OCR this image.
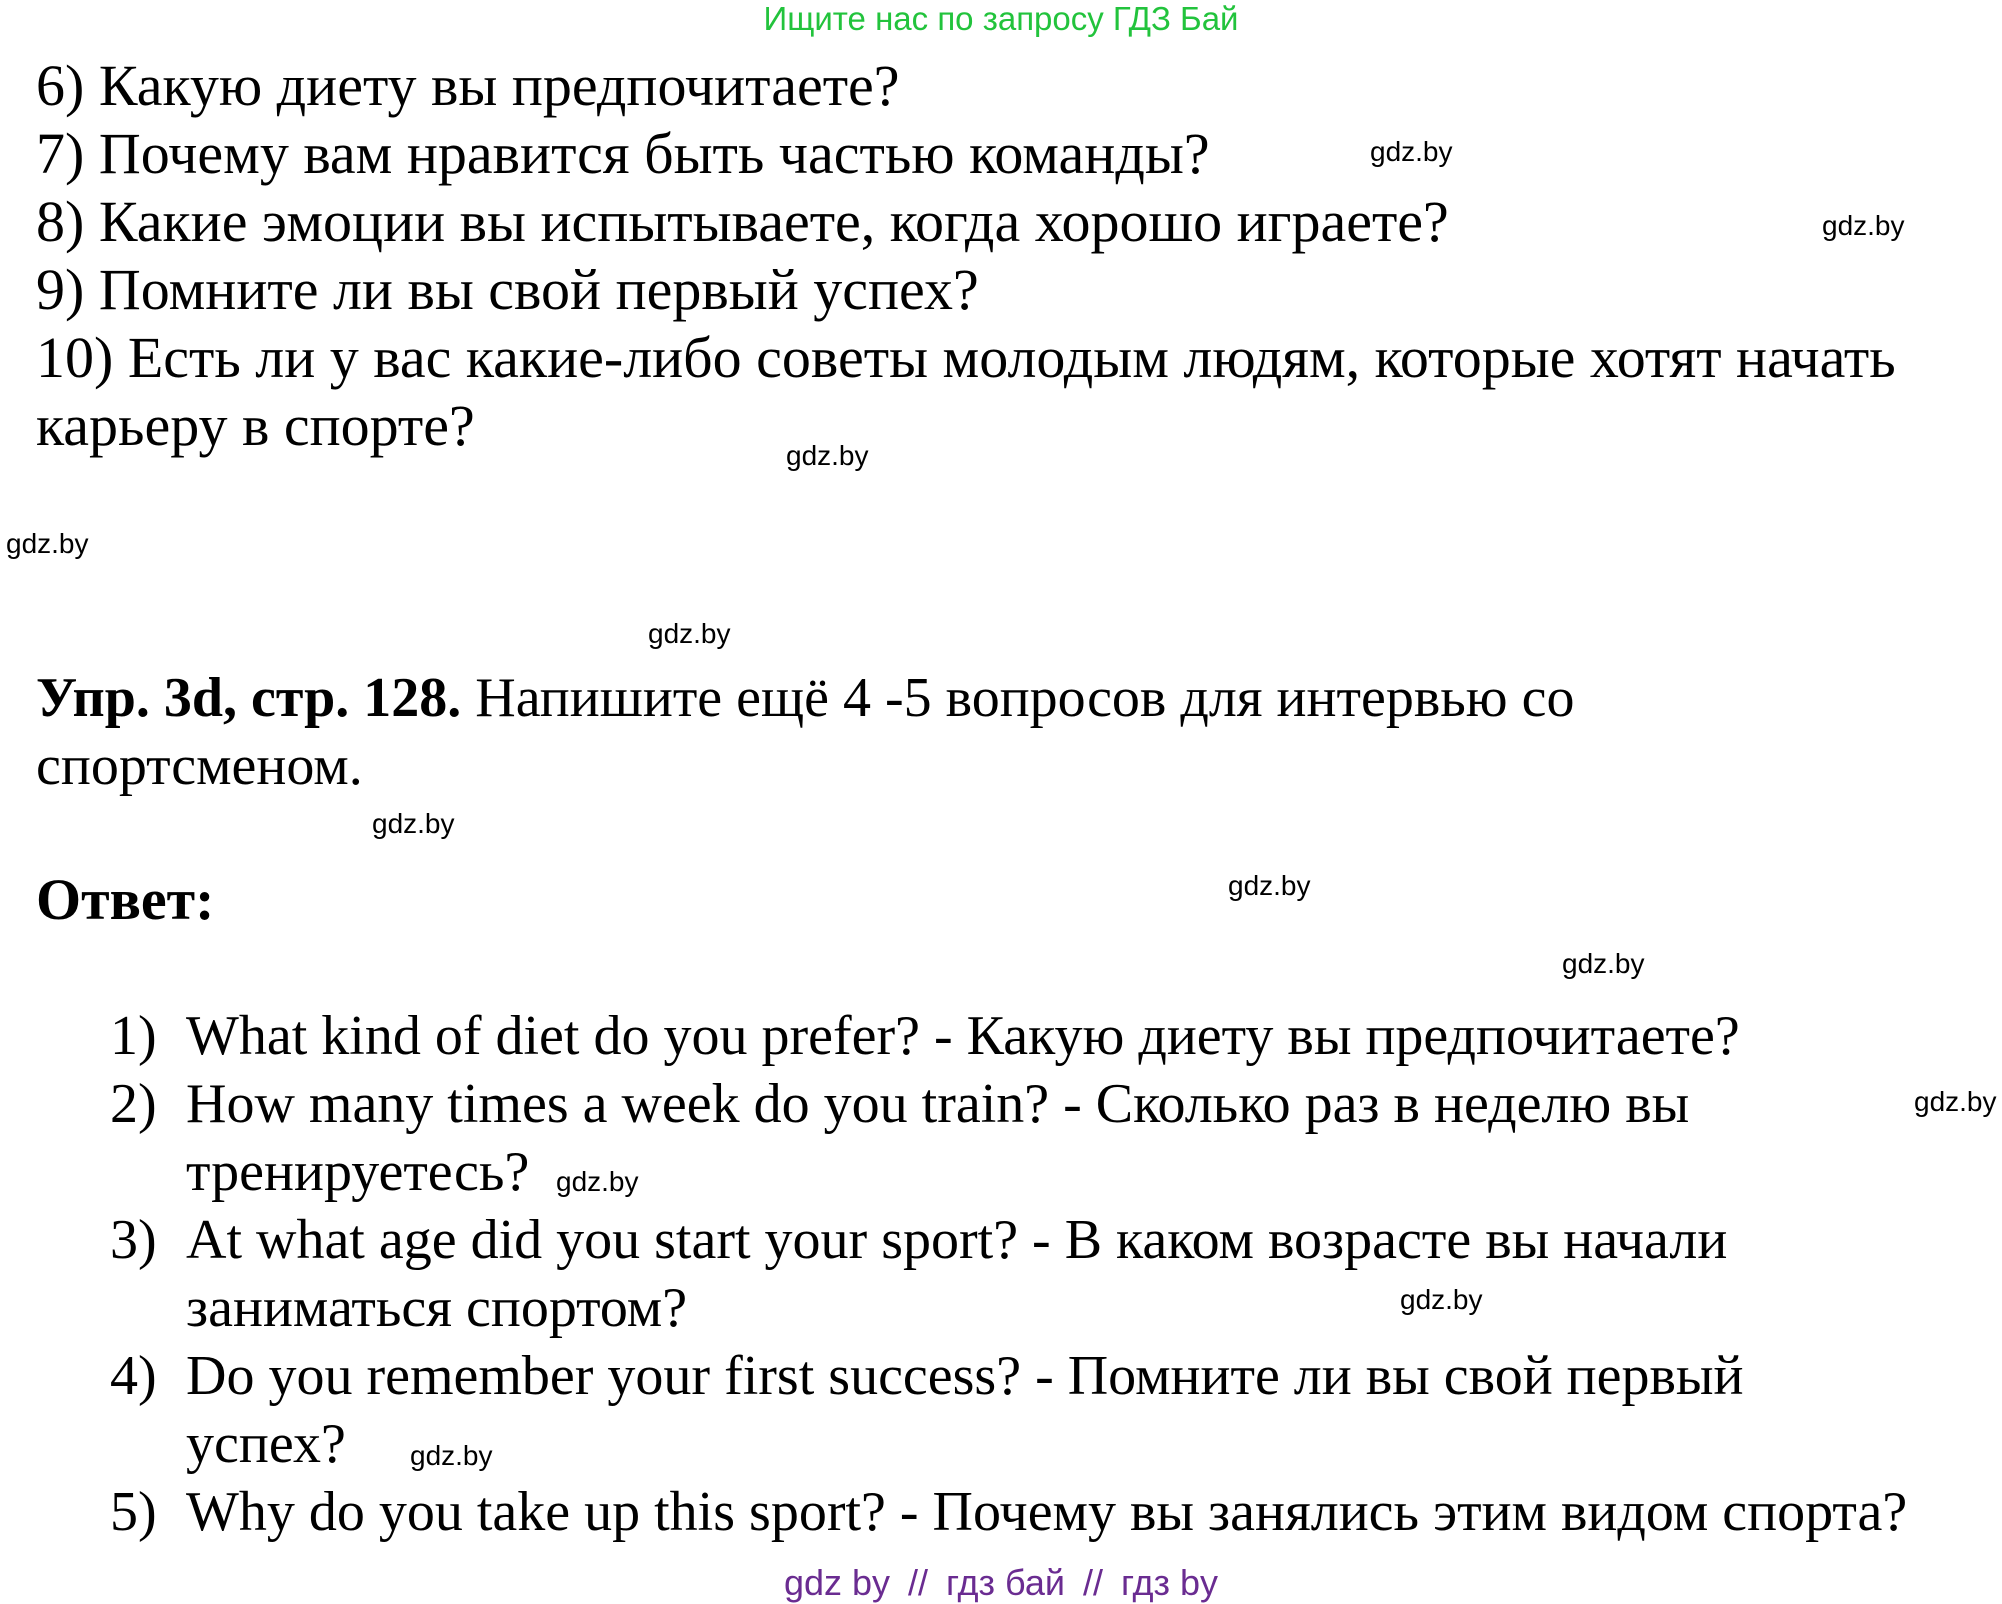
Ищите нас по запросу ГДЗ Бай
6) Какую диету вы предпочитаете?
7) Почему вам нравится быть частью команды?
8) Какие эмоции вы испытываете, когда хорошо играете?
9) Помните ли вы свой первый успех?
10) Есть ли у вас какие-либо советы молодым людям, которые хотят начать
карьеру в спорте?
gdz.by
gdz.by
gdz.by
gdz.by
gdz.by
gdz.by
gdz.by
gdz.by
gdz.by
gdz.by
gdz.by
gdz.by
Упр. 3d, стр. 128. Напишите ещё 4 -5 вопросов для интервью со
спортсменом.
Ответ:
1) What kind of diet do you prefer? - Какую диету вы предпочитаете?
2) How many times a week do you train? - Сколько раз в неделю вы
тренируетесь?
3) At what age did you start your sport? - В каком возрасте вы начали
заниматься спортом?
4) Do you remember your first success? - Помните ли вы свой первый
успех?
5) Why do you take up this sport? - Почему вы занялись этим видом спорта?
gdz by // гдз бай // гдз by
